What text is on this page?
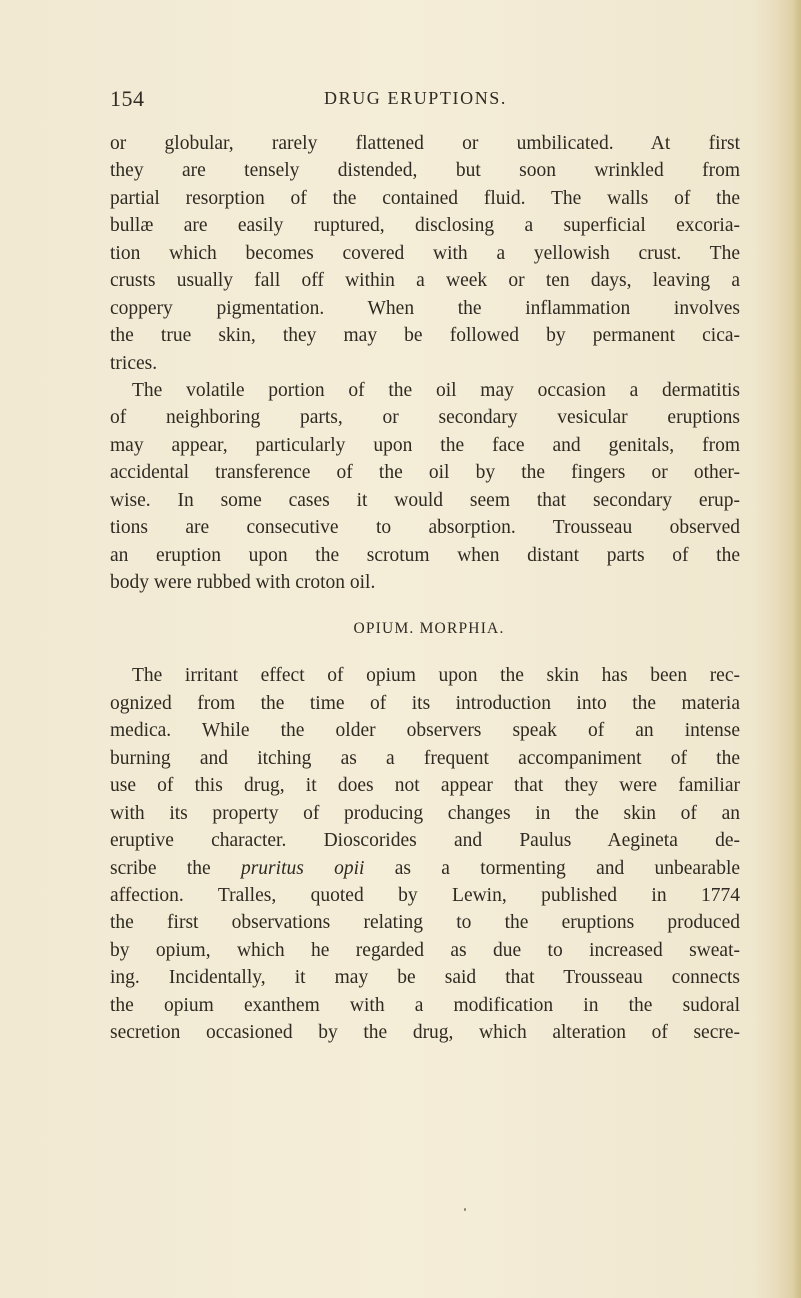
154	DRUG ERUPTIONS.
or globular, rarely flattened or umbilicated. At first
they are tensely distended, but soon wrinkled from
partial resorption of the contained fluid. The walls of the
bullæ are easily ruptured, disclosing a superficial excoria-
tion which becomes covered with a yellowish crust. The
crusts usually fall off within a week or ten days, leaving a
coppery pigmentation. When the inflammation involves
the true skin, they may be followed by permanent cica-
trices.
The volatile portion of the oil may occasion a dermatitis
of neighboring parts, or secondary vesicular eruptions
may appear, particularly upon the face and genitals, from
accidental transference of the oil by the fingers or other-
wise. In some cases it would seem that secondary erup-
tions are consecutive to absorption. Trousseau observed
an eruption upon the scrotum when distant parts of the
body were rubbed with croton oil.
OPIUM. MORPHIA.
The irritant effect of opium upon the skin has been rec-
ognized from the time of its introduction into the materia
medica. While the older observers speak of an intense
burning and itching as a frequent accompaniment of the
use of this drug, it does not appear that they were familiar
with its property of producing changes in the skin of an
eruptive character. Dioscorides and Paulus Aegineta de-
scribe the pruritus opii as a tormenting and unbearable
affection. Tralles, quoted by Lewin, published in 1774
the first observations relating to the eruptions produced
by opium, which he regarded as due to increased sweat-
ing. Incidentally, it may be said that Trousseau connects
the opium exanthem with a modification in the sudoral
secretion occasioned by the drug, which alteration of secre-
